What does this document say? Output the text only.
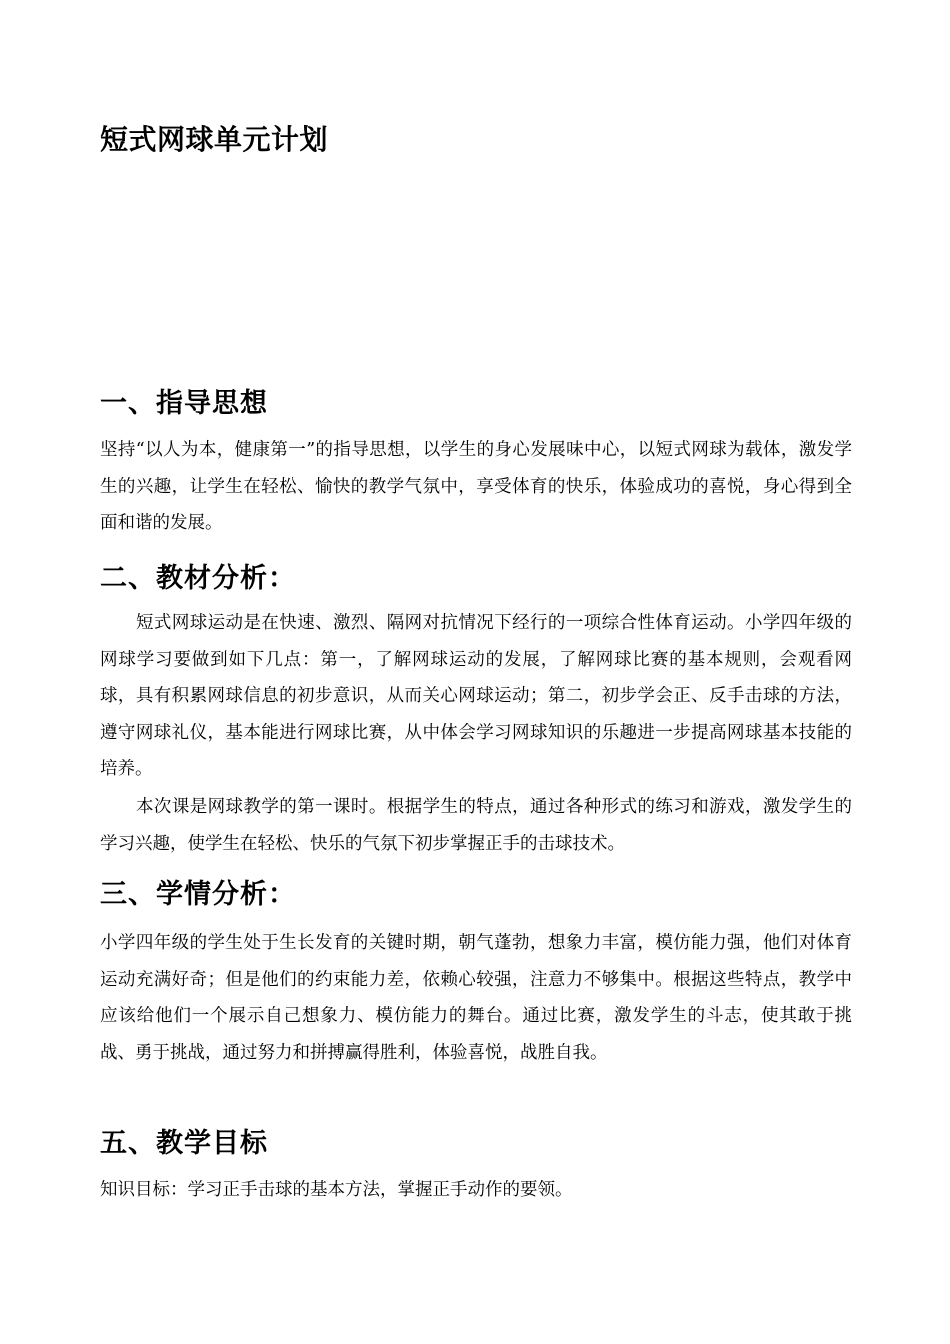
短式网球单元计划
一、指导思想

坚持“以人为本，健康第一”的指导思想，以学生的身心发展味中心，以短式网球为载体，激发学生的兴趣，让学生在轻松、愉快的教学气氛中，享受体育的快乐，体验成功的喜悦，身心得到全面和谐的发展。

二、教材分析：

短式网球运动是在快速、激烈、隔网对抗情况下经行的一项综合性体育运动。小学四年级的网球学习要做到如下几点：第一，了解网球运动的发展，了解网球比赛的基本规则，会观看网球，具有积累网球信息的初步意识，从而关心网球运动；第二，初步学会正、反手击球的方法，遵守网球礼仪，基本能进行网球比赛，从中体会学习网球知识的乐趣进一步提高网球基本技能的培养。

本次课是网球教学的第一课时。根据学生的特点，通过各种形式的练习和游戏，激发学生的学习兴趣，使学生在轻松、快乐的气氛下初步掌握正手的击球技术。

三、学情分析：

小学四年级的学生处于生长发育的关键时期，朝气蓬勃，想象力丰富，模仿能力强，他们对体育运动充满好奇；但是他们的约束能力差，依赖心较强，注意力不够集中。根据这些特点，教学中应该给他们一个展示自己想象力、模仿能力的舞台。通过比赛，激发学生的斗志，使其敢于挑战、勇于挑战，通过努力和拼搏赢得胜利，体验喜悦，战胜自我。

五、教学目标

知识目标：学习正手击球的基本方法，掌握正手动作的要领。
